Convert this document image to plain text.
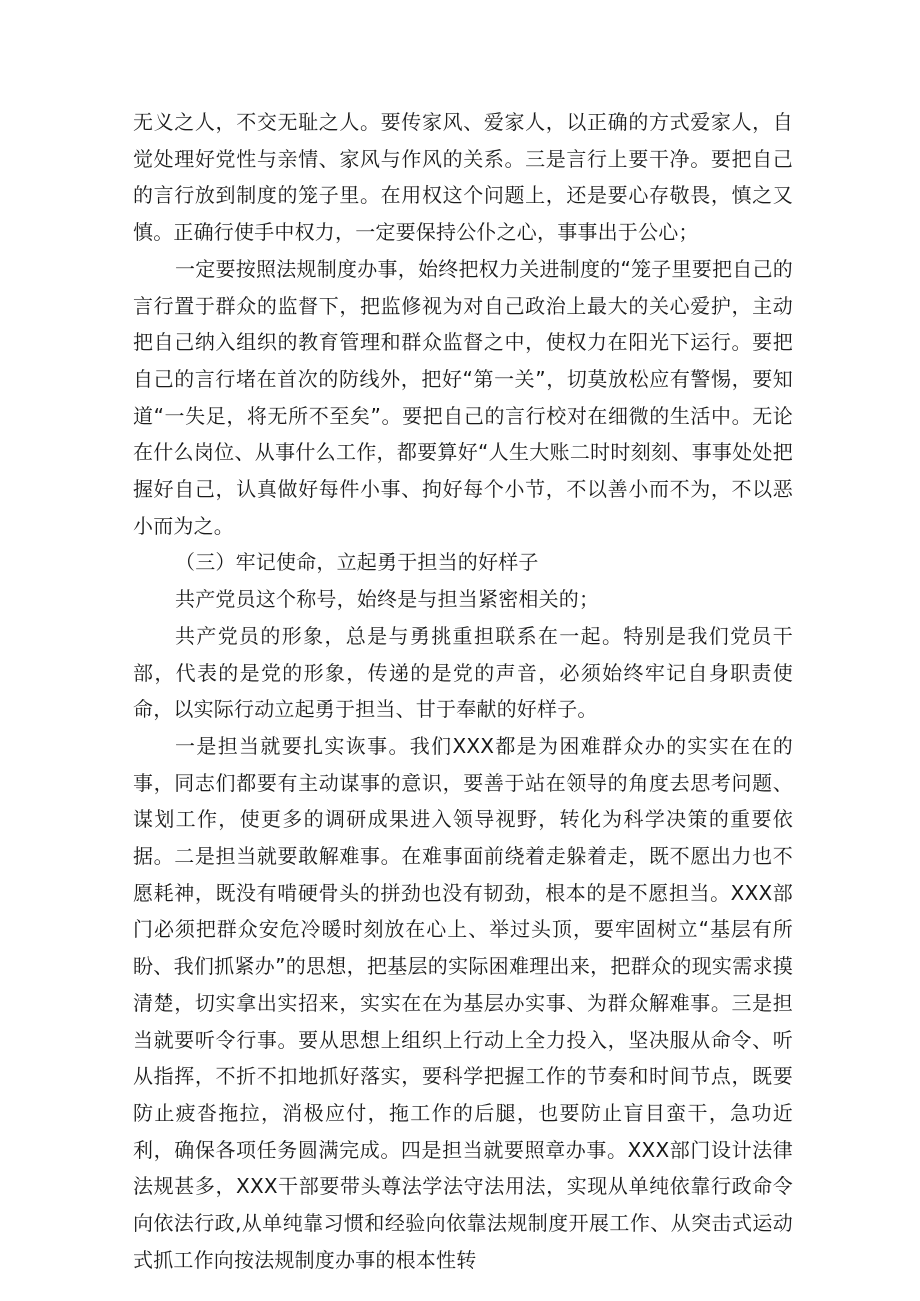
无义之人，不交无耻之人。要传家风、爱家人，以正确的方式爱家人，自觉处理好党性与亲情、家风与作风的关系。三是言行上要干净。要把自己的言行放到制度的笼子里。在用权这个问题上，还是要心存敬畏，慎之又慎。正确行使手中权力，一定要保持公仆之心，事事出于公心；

一定要按照法规制度办事，始终把权力关进制度的“笼子里要把自己的言行置于群众的监督下，把监修视为对自己政治上最大的关心爱护，主动把自己纳入组织的教育管理和群众监督之中，使权力在阳光下运行。要把自己的言行堵在首次的防线外，把好“第一关”，切莫放松应有警惕，要知道“一失足，将无所不至矣”。要把自己的言行校对在细微的生活中。无论在什么岗位、从事什么工作，都要算好“人生大账二时时刻刻、事事处处把握好自己，认真做好每件小事、拘好每个小节，不以善小而不为，不以恶小而为之。

（三）牢记使命，立起勇于担当的好样子

共产党员这个称号，始终是与担当紧密相关的；

共产党员的形象，总是与勇挑重担联系在一起。特别是我们党员干部，代表的是党的形象，传递的是党的声音，必须始终牢记自身职责使命，以实际行动立起勇于担当、甘于奉献的好样子。

一是担当就要扎实诙事。我们XXX都是为困难群众办的实实在在的事，同志们都要有主动谋事的意识，要善于站在领导的角度去思考问题、谋划工作，使更多的调研成果进入领导视野，转化为科学决策的重要依据。二是担当就要敢解难事。在难事面前绕着走躲着走，既不愿出力也不愿耗神，既没有啃硬骨头的拼劲也没有韧劲，根本的是不愿担当。XXX部门必须把群众安危冷暖时刻放在心上、举过头顶，要牢固树立“基层有所盼、我们抓紧办”的思想，把基层的实际困难理出来，把群众的现实需求摸清楚，切实拿出实招来，实实在在为基层办实事、为群众解难事。三是担当就要听令行事。要从思想上组织上行动上全力投入，坚决服从命令、听从指挥，不折不扣地抓好落实，要科学把握工作的节奏和时间节点，既要防止疲沓拖拉，消极应付，拖工作的后腿，也要防止盲目蛮干，急功近利，确保各项任务圆满完成。四是担当就要照章办事。XXX部门设计法律法规甚多，XXX干部要带头尊法学法守法用法，实现从单纯依靠行政命令向依法行政,从单纯靠习惯和经验向依靠法规制度开展工作、从突击式运动式抓工作向按法规制度办事的根本性转
